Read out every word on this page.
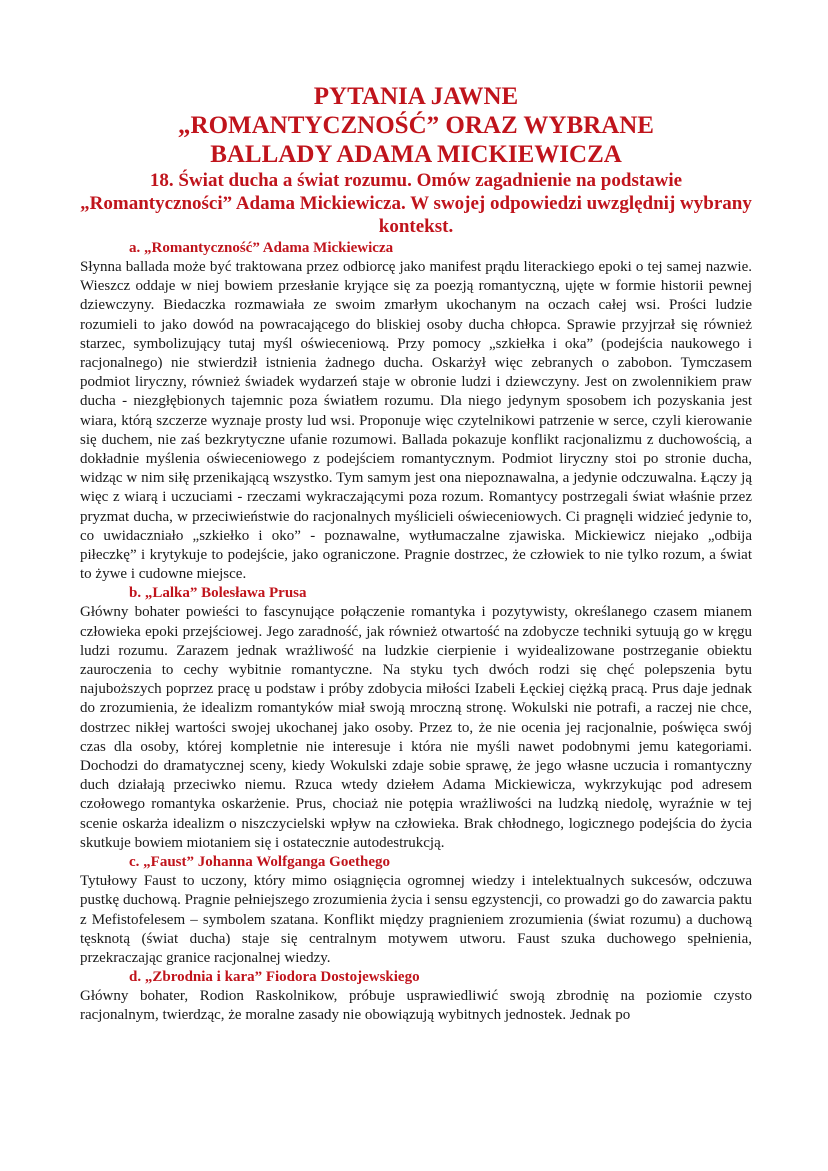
PYTANIA JAWNE
„ROMANTYCZNOŚĆ” ORAZ WYBRANE
BALLADY ADAMA MICKIEWICZA
18. Świat ducha a świat rozumu. Omów zagadnienie na podstawie „Romantyczności” Adama Mickiewicza. W swojej odpowiedzi uwzględnij wybrany kontekst.
a. „Romantyczność” Adama Mickiewicza

Słynna ballada może być traktowana przez odbiorcę jako manifest prądu literackiego epoki o tej samej nazwie. Wieszcz oddaje w niej bowiem przesłanie kryjące się za poezją romantyczną, ujęte w formie historii pewnej dziewczyny. Biedaczka rozmawiała ze swoim zmarłym ukochanym na oczach całej wsi. Prości ludzie rozumieli to jako dowód na powracającego do bliskiej osoby ducha chłopca. Sprawie przyjrzał się również starzec, symbolizujący tutaj myśl oświeceniową. Przy pomocy „szkiełka i oka” (podejścia naukowego i racjonalnego) nie stwierdził istnienia żadnego ducha. Oskarżył więc zebranych o zabobon. Tymczasem podmiot liryczny, również świadek wydarzeń staje w obronie ludzi i dziewczyny. Jest on zwolennikiem praw ducha - niezgłębionych tajemnic poza światłem rozumu. Dla niego jedynym sposobem ich pozyskania jest wiara, którą szczerze wyznaje prosty lud wsi. Proponuje więc czytelnikowi patrzenie w serce, czyli kierowanie się duchem, nie zaś bezkrytyczne ufanie rozumowi. Ballada pokazuje konflikt racjonalizmu z duchowością, a dokładnie myślenia oświeceniowego z podejściem romantycznym. Podmiot liryczny stoi po stronie ducha, widząc w nim siłę przenikającą wszystko. Tym samym jest ona niepoznawalna, a jedynie odczuwalna. Łączy ją więc z wiarą i uczuciami - rzeczami wykraczającymi poza rozum. Romantycy postrzegali świat właśnie przez pryzmat ducha, w przeciwieństwie do racjonalnych myślicieli oświeceniowych. Ci pragnęli widzieć jedynie to, co uwidaczniało „szkiełko i oko” - poznawalne, wytłumaczalne zjawiska. Mickiewicz niejako „odbija piłeczkę” i krytykuje to podejście, jako ograniczone. Pragnie dostrzec, że człowiek to nie tylko rozum, a świat to żywe i cudowne miejsce.

b. „Lalka” Bolesława Prusa

Główny bohater powieści to fascynujące połączenie romantyka i pozytywisty, określanego czasem mianem człowieka epoki przejściowej. Jego zaradność, jak również otwartość na zdobycze techniki sytuują go w kręgu ludzi rozumu. Zarazem jednak wrażliwość na ludzkie cierpienie i wyidealizowane postrzeganie obiektu zauroczenia to cechy wybitnie romantyczne. Na styku tych dwóch rodzi się chęć polepszenia bytu najuboższych poprzez pracę u podstaw i próby zdobycia miłości Izabeli Łęckiej ciężką pracą. Prus daje jednak do zrozumienia, że idealizm romantyków miał swoją mroczną stronę. Wokulski nie potrafi, a raczej nie chce, dostrzec nikłej wartości swojej ukochanej jako osoby. Przez to, że nie ocenia jej racjonalnie, poświęca swój czas dla osoby, której kompletnie nie interesuje i która nie myśli nawet podobnymi jemu kategoriami. Dochodzi do dramatycznej sceny, kiedy Wokulski zdaje sobie sprawę, że jego własne uczucia i romantyczny duch działają przeciwko niemu. Rzuca wtedy dziełem Adama Mickiewicza, wykrzykując pod adresem czołowego romantyka oskarżenie. Prus, chociaż nie potępia wrażliwości na ludzką niedolę, wyraźnie w tej scenie oskarża idealizm o niszczycielski wpływ na człowieka. Brak chłodnego, logicznego podejścia do życia skutkuje bowiem miotaniem się i ostatecznie autodestrukcją.

c. „Faust” Johanna Wolfganga Goethego

Tytułowy Faust to uczony, który mimo osiągnięcia ogromnej wiedzy i intelektualnych sukcesów, odczuwa pustkę duchową. Pragnie pełniejszego zrozumienia życia i sensu egzystencji, co prowadzi go do zawarcia paktu z Mefistofelesem – symbolem szatana. Konflikt między pragnieniem zrozumienia (świat rozumu) a duchową tęsknotą (świat ducha) staje się centralnym motywem utworu. Faust szuka duchowego spełnienia, przekraczając granice racjonalnej wiedzy.

d. „Zbrodnia i kara” Fiodora Dostojewskiego

Główny bohater, Rodion Raskolnikow, próbuje usprawiedliwić swoją zbrodnię na poziomie czysto racjonalnym, twierdząc, że moralne zasady nie obowiązują wybitnych jednostek. Jednak po
